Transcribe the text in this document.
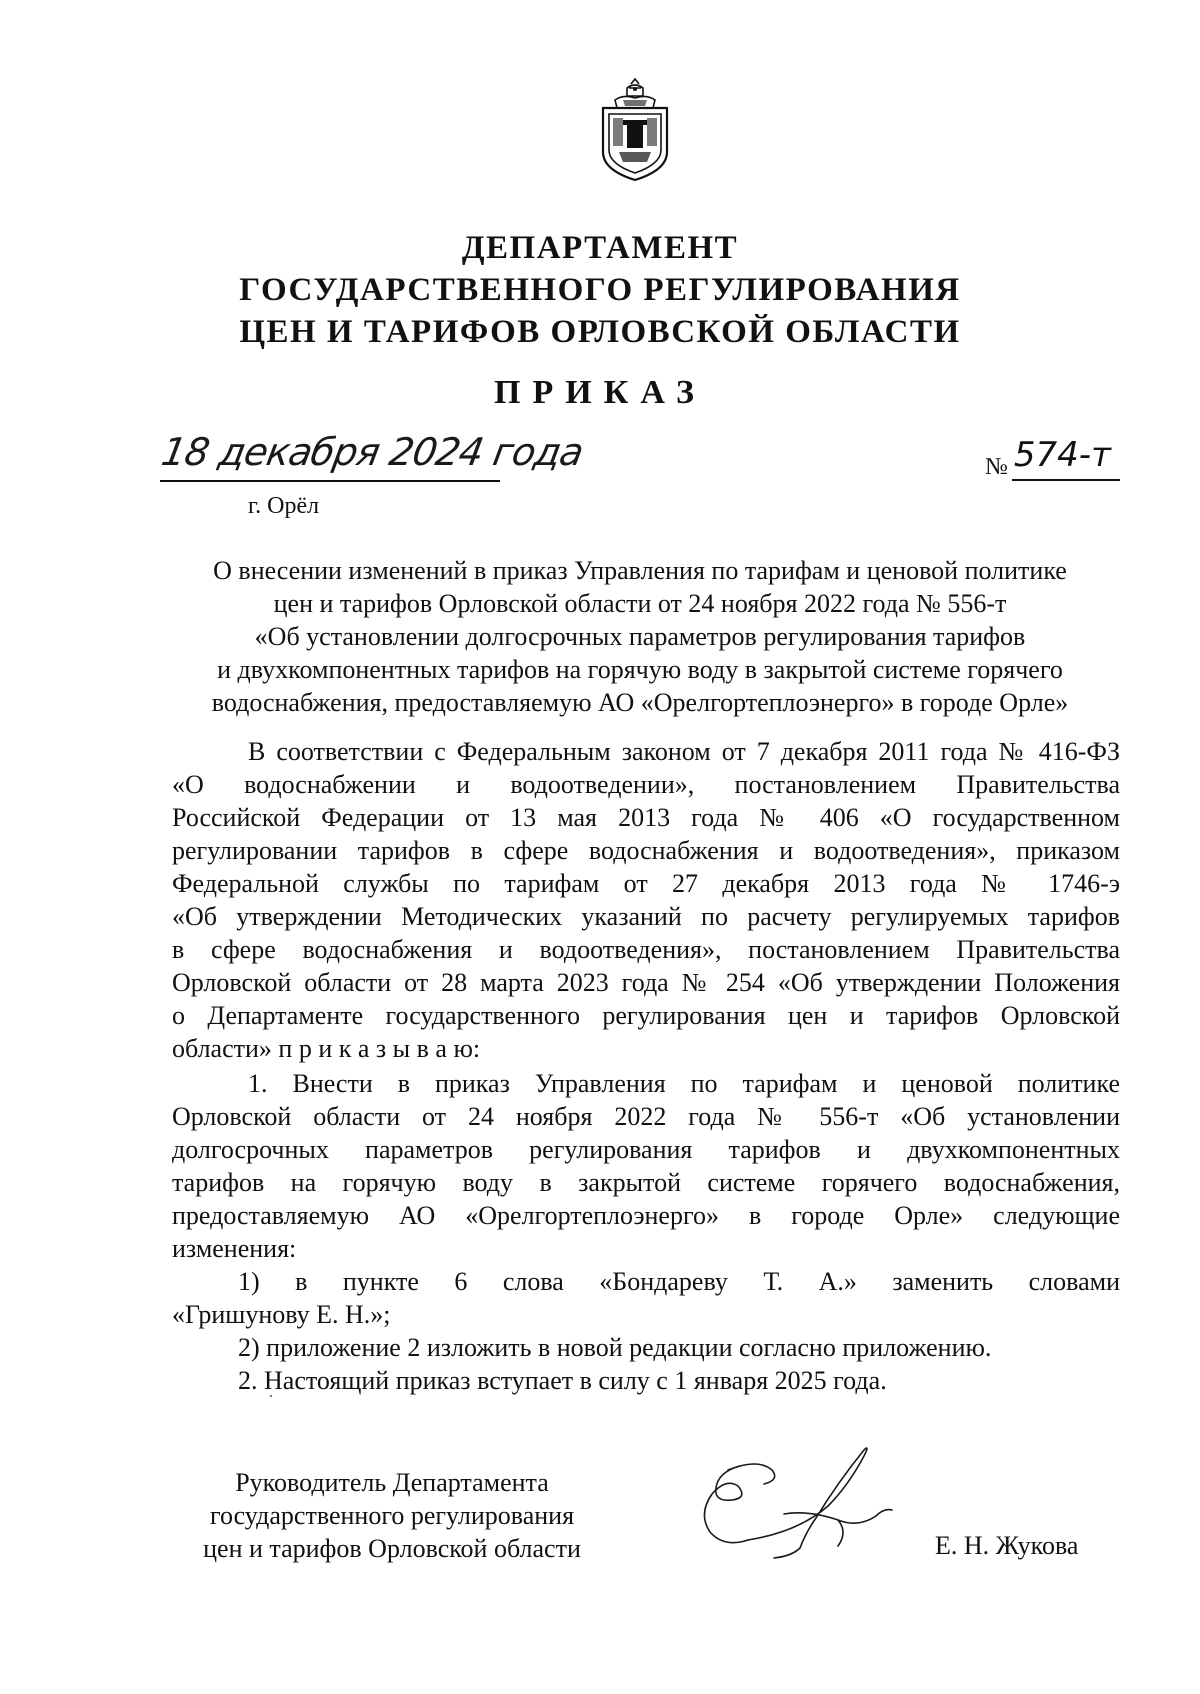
ДЕПАРТАМЕНТ
ГОСУДАРСТВЕННОГО РЕГУЛИРОВАНИЯ
ЦЕН И ТАРИФОВ ОРЛОВСКОЙ ОБЛАСТИ
ПРИКАЗ
18 декабря 2024 года	№ 574-т
г. Орёл

О внесении изменений в приказ Управления по тарифам и ценовой политике
цен и тарифов Орловской области от 24 ноября 2022 года № 556-т
«Об установлении долгосрочных параметров регулирования тарифов
и двухкомпонентных тарифов на горячую воду в закрытой системе горячего
водоснабжения, предоставляемую АО «Орелгортеплоэнерго» в городе Орле»

В соответствии с Федеральным законом от 7 декабря 2011 года № 416-ФЗ
«О водоснабжении и водоотведении», постановлением Правительства
Российской Федерации от 13 мая 2013 года № 406 «О государственном
регулировании тарифов в сфере водоснабжения и водоотведения», приказом
Федеральной службы по тарифам от 27 декабря 2013 года № 1746-э
«Об утверждении Методических указаний по расчету регулируемых тарифов
в сфере водоснабжения и водоотведения», постановлением Правительства
Орловской области от 28 марта 2023 года № 254 «Об утверждении Положения
о Департаменте государственного регулирования цен и тарифов Орловской
области» п р и к а з ы в а ю:

1. Внести в приказ Управления по тарифам и ценовой политике
Орловской области от 24 ноября 2022 года № 556-т «Об установлении
долгосрочных параметров регулирования тарифов и двухкомпонентных
тарифов на горячую воду в закрытой системе горячего водоснабжения,
предоставляемую АО «Орелгортеплоэнерго» в городе Орле» следующие
изменения:
1) в пункте 6 слова «Бондареву Т. А.» заменить словами
«Гришунову Е. Н.»;
2) приложение 2 изложить в новой редакции согласно приложению.
2. Настоящий приказ вступает в силу с 1 января 2025 года.

Руководитель Департамента
государственного регулирования
цен и тарифов Орловской области	Е. Н. Жукова
